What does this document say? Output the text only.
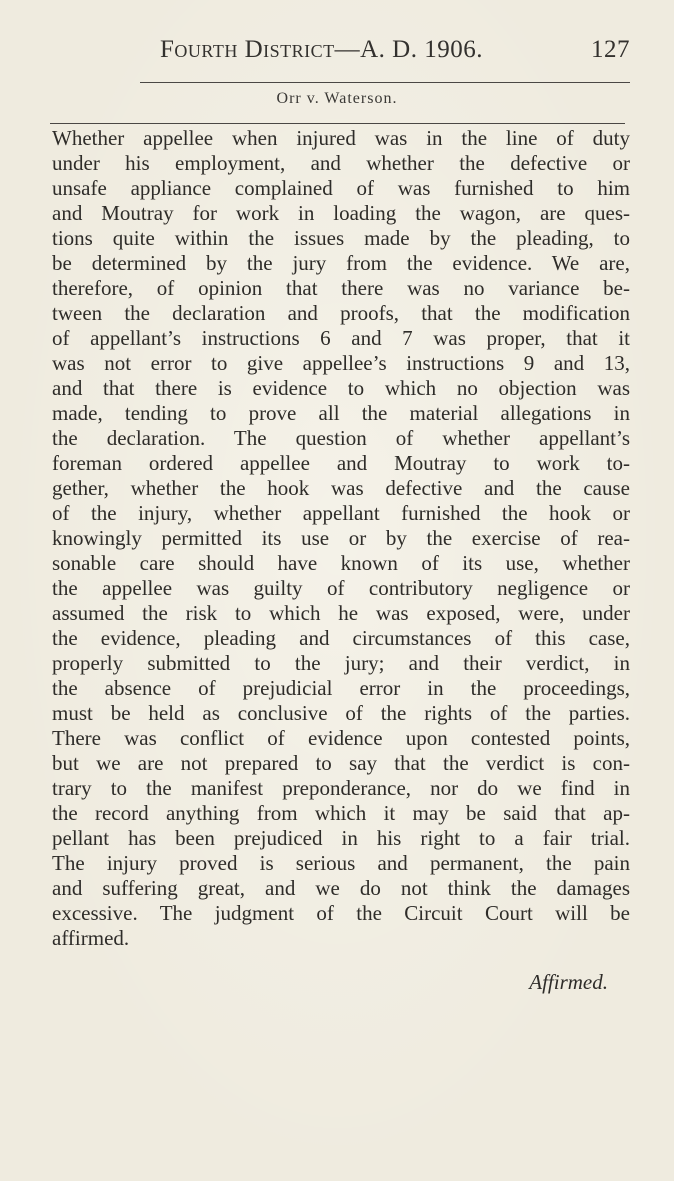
Fourth District—A. D. 1906.	127
Orr v. Waterson.
Whether appellee when injured was in the line of duty
under his employment, and whether the defective or
unsafe appliance complained of was furnished to him
and Moutray for work in loading the wagon, are ques-
tions quite within the issues made by the pleading, to
be determined by the jury from the evidence. We are,
therefore, of opinion that there was no variance be-
tween the declaration and proofs, that the modification
of appellant’s instructions 6 and 7 was proper, that it
was not error to give appellee’s instructions 9 and 13,
and that there is evidence to which no objection was
made, tending to prove all the material allegations in
the declaration. The question of whether appellant’s
foreman ordered appellee and Moutray to work to-
gether, whether the hook was defective and the cause
of the injury, whether appellant furnished the hook or
knowingly permitted its use or by the exercise of rea-
sonable care should have known of its use, whether
the appellee was guilty of contributory negligence or
assumed the risk to which he was exposed, were, under
the evidence, pleading and circumstances of this case,
properly submitted to the jury; and their verdict, in
the absence of prejudicial error in the proceedings,
must be held as conclusive of the rights of the parties.
There was conflict of evidence upon contested points,
but we are not prepared to say that the verdict is con-
trary to the manifest preponderance, nor do we find in
the record anything from which it may be said that ap-
pellant has been prejudiced in his right to a fair trial.
The injury proved is serious and permanent, the pain
and suffering great, and we do not think the damages
excessive. The judgment of the Circuit Court will be
affirmed.
Affirmed.
